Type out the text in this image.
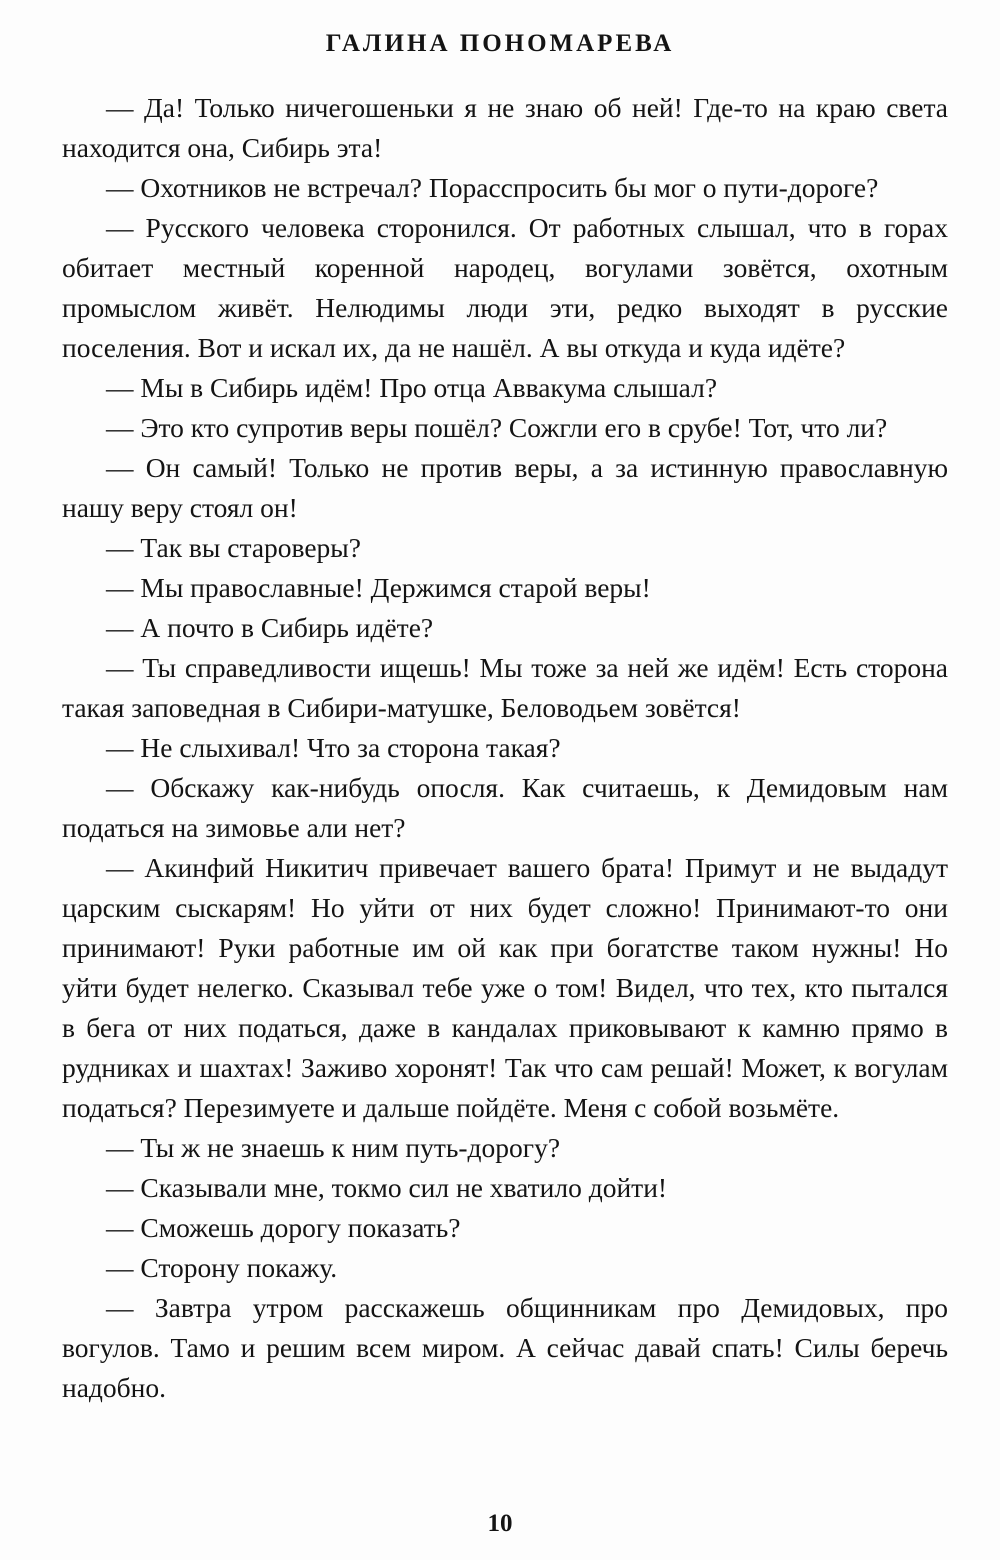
ГАЛИНА ПОНОМАРЕВА

— Да! Только ничегошеньки я не знаю об ней! Где-то на краю света находится она, Сибирь эта!

— Охотников не встречал? Порасспросить бы мог о пути-дороге?

— Русского человека сторонился. От работных слышал, что в горах обитает местный коренной народец, вогулами зовётся, охотным промыслом живёт. Нелюдимы люди эти, редко выходят в русские поселения. Вот и искал их, да не нашёл. А вы откуда и куда идёте?

— Мы в Сибирь идём! Про отца Аввакума слышал?

— Это кто супротив веры пошёл? Сожгли его в срубе! Тот, что ли?

— Он самый! Только не против веры, а за истинную православную нашу веру стоял он!

— Так вы староверы?

— Мы православные! Держимся старой веры!

— А почто в Сибирь идёте?

— Ты справедливости ищешь! Мы тоже за ней же идём! Есть сторона такая заповедная в Сибири-матушке, Беловодьем зовётся!

— Не слыхивал! Что за сторона такая?

— Обскажу как-нибудь опосля. Как считаешь, к Демидовым нам податься на зимовье али нет?

— Акинфий Никитич привечает вашего брата! Примут и не выдадут царским сыскарям! Но уйти от них будет сложно! Принимают-то они принимают! Руки работные им ой как при богатстве таком нужны! Но уйти будет нелегко. Сказывал тебе уже о том! Видел, что тех, кто пытался в бега от них податься, даже в кандалах приковывают к камню прямо в рудниках и шахтах! Заживо хоронят! Так что сам решай! Может, к вогулам податься? Перезимуете и дальше пойдёте. Меня с собой возьмёте.

— Ты ж не знаешь к ним путь-дорогу?

— Сказывали мне, токмо сил не хватило дойти!

— Сможешь дорогу показать?

— Сторону покажу.

— Завтра утром расскажешь общинникам про Демидовых, про вогулов. Тамо и решим всем миром. А сейчас давай спать! Силы беречь надобно.

10
